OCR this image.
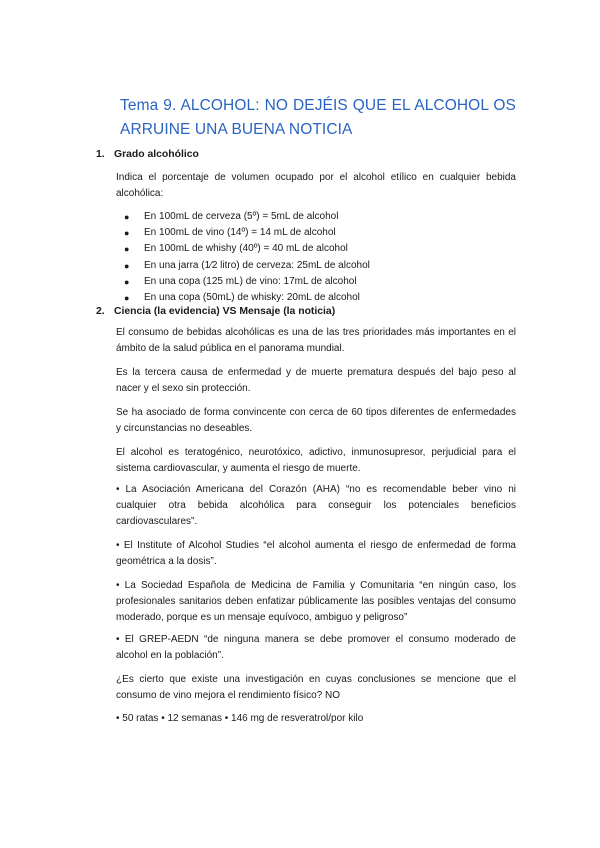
Tema 9. ALCOHOL: NO DEJÉIS QUE EL ALCOHOL OS ARRUINE UNA BUENA NOTICIA
1. Grado alcohólico

Indica el porcentaje de volumen ocupado por el alcohol etílico en cualquier bebida alcohólica:

●	En 100mL de cerveza (5º) = 5mL de alcohol
●	En 100mL de vino (14º) = 14 mL de alcohol
●	En 100mL de whishy (40º) = 40 mL de alcohol
●	En una jarra (1⁄2 litro) de cerveza: 25mL de alcohol
●	En una copa (125 mL) de vino: 17mL de alcohol
●	En una copa (50mL) de whisky: 20mL de alcohol
2. Ciencia (la evidencia) VS Mensaje (la noticia)

El consumo de bebidas alcohólicas es una de las tres prioridades más importantes en el ámbito de la salud pública en el panorama mundial.

Es la tercera causa de enfermedad y de muerte prematura después del bajo peso al nacer y el sexo sin protección.

Se ha asociado de forma convincente con cerca de 60 tipos diferentes de enfermedades y circunstancias no deseables.

El alcohol es teratogénico, neurotóxico, adictivo, inmunosupresor, perjudicial para el sistema cardiovascular, y aumenta el riesgo de muerte.

• La Asociación Americana del Corazón (AHA) “no es recomendable beber vino ni cualquier otra bebida alcohólica para conseguir los potenciales beneficios cardiovasculares”.

• El Institute of Alcohol Studies “el alcohol aumenta el riesgo de enfermedad de forma geométrica a la dosis”.

• La Sociedad Española de Medicina de Familia y Comunitaria “en ningún caso, los profesionales sanitarios deben enfatizar públicamente las posibles ventajas del consumo moderado, porque es un mensaje equívoco, ambiguo y peligroso”

• El GREP-AEDN “de ninguna manera se debe promover el consumo moderado de alcohol en la población”.

¿Es cierto que existe una investigación en cuyas conclusiones se mencione que el consumo de vino mejora el rendimiento físico? NO

• 50 ratas • 12 semanas • 146 mg de resveratrol/por kilo
